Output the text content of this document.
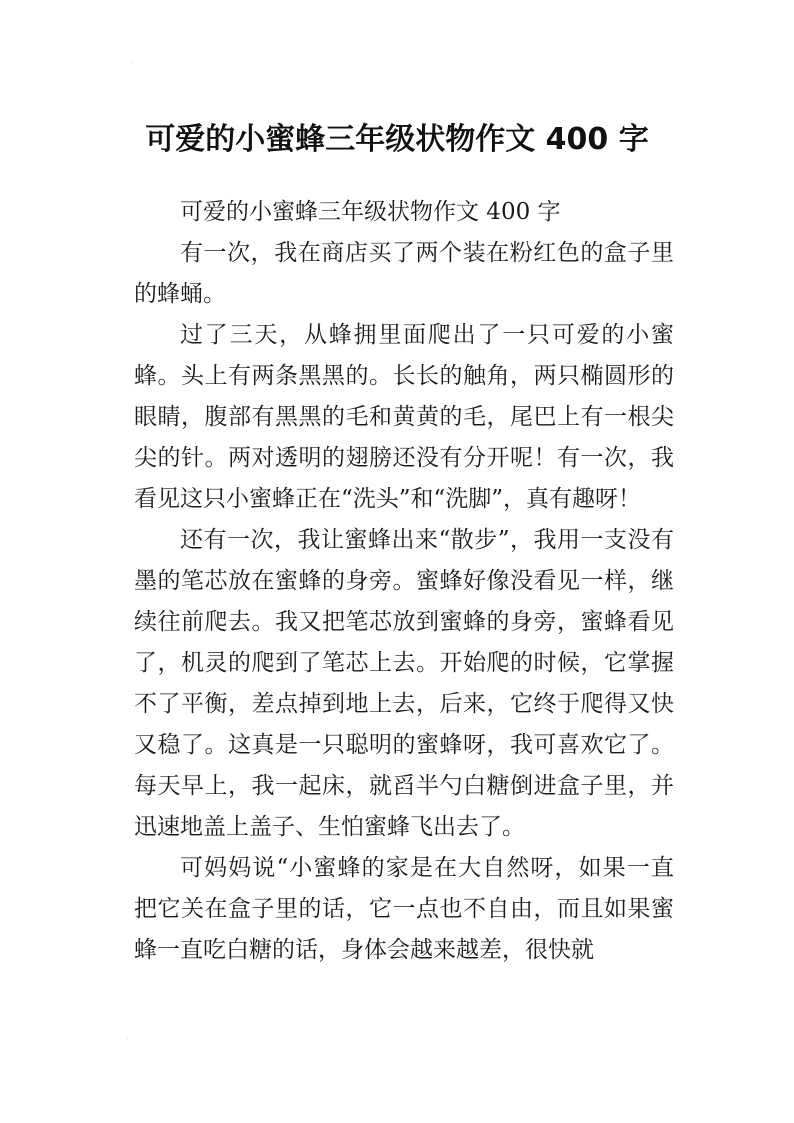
·
可爱的小蜜蜂三年级状物作文 400 字

可爱的小蜜蜂三年级状物作文 400 字

有一次，我在商店买了两个装在粉红色的盒子里的蜂蛹。

过了三天，从蜂拥里面爬出了一只可爱的小蜜蜂。头上有两条黑黑的。长长的触角，两只椭圆形的眼睛，腹部有黑黑的毛和黄黄的毛，尾巴上有一根尖尖的针。两对透明的翅膀还没有分开呢！有一次，我看见这只小蜜蜂正在“洗头”和“洗脚”，真有趣呀！

还有一次，我让蜜蜂出来“散步”，我用一支没有墨的笔芯放在蜜蜂的身旁。蜜蜂好像没看见一样，继续往前爬去。我又把笔芯放到蜜蜂的身旁，蜜蜂看见了，机灵的爬到了笔芯上去。开始爬的时候，它掌握不了平衡，差点掉到地上去，后来，它终于爬得又快又稳了。这真是一只聪明的蜜蜂呀，我可喜欢它了。每天早上，我一起床，就舀半勺白糖倒进盒子里，并迅速地盖上盖子、生怕蜜蜂飞出去了。

可妈妈说“小蜜蜂的家是在大自然呀，如果一直把它关在盒子里的话，它一点也不自由，而且如果蜜蜂一直吃白糖的话，身体会越来越差，很快就

·
